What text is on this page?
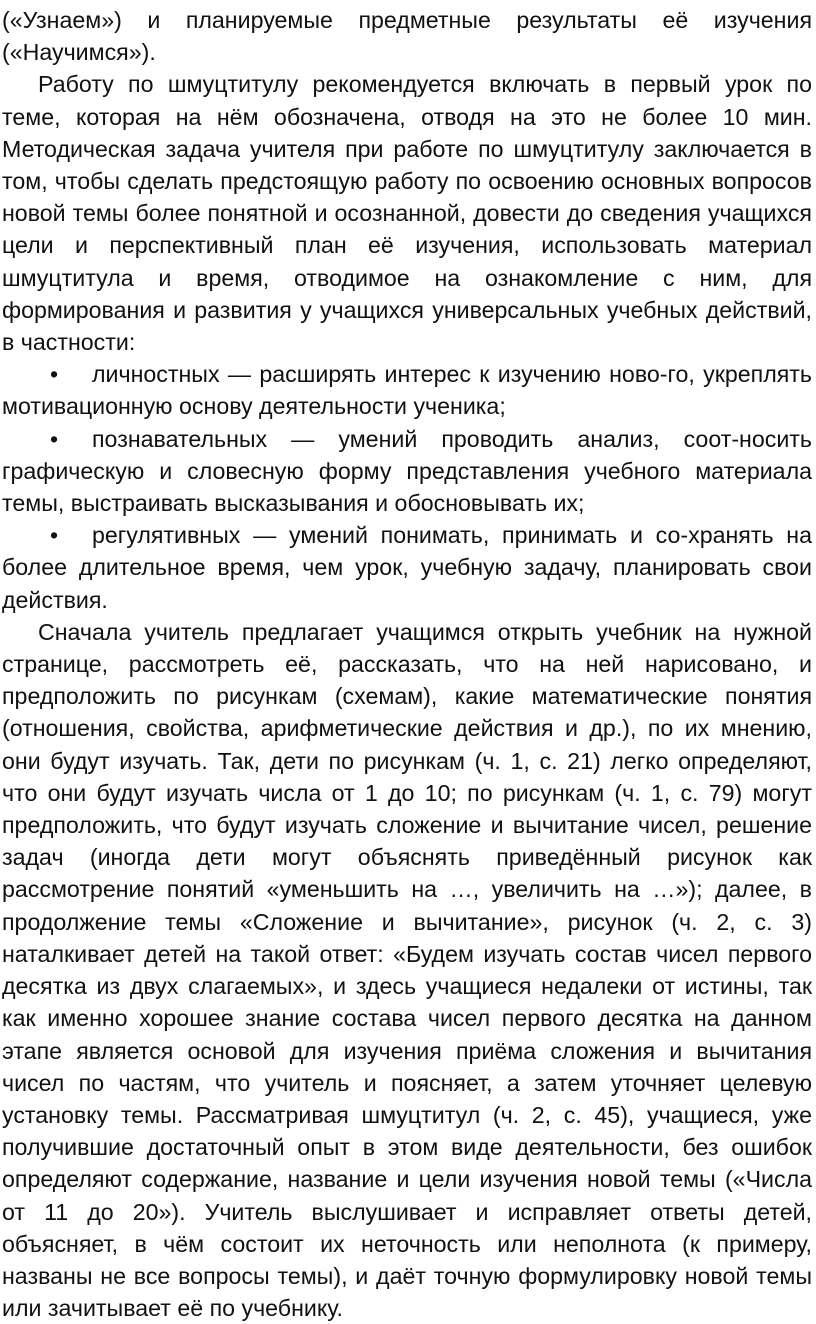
(«Узнаем») и планируемые предметные результаты её изучения («Научимся»).

Работу по шмуцтитулу рекомендуется включать в первый урок по теме, которая на нём обозначена, отводя на это не более 10 мин. Методическая задача учителя при работе по шмуцтитулу заключается в том, чтобы сделать предстоящую работу по освоению основных вопросов новой темы более понятной и осознанной, довести до сведения учащихся цели и перспективный план её изучения, использовать материал шмуцтитула и время, отводимое на ознакомление с ним, для формирования и развития у учащихся универсальных учебных действий, в частности:

• личностных — расширять интерес к изучению ново-го, укреплять мотивационную основу деятельности ученика;

• познавательных — умений проводить анализ, соот-носить графическую и словесную форму представления учебного материала темы, выстраивать высказывания и обосновывать их;

• регулятивных — умений понимать, принимать и со-хранять на более длительное время, чем урок, учебную задачу, планировать свои действия.

Сначала учитель предлагает учащимся открыть учебник на нужной странице, рассмотреть её, рассказать, что на ней нарисовано, и предположить по рисункам (схемам), какие математические понятия (отношения, свойства, арифметические действия и др.), по их мнению, они будут изучать. Так, дети по рисункам (ч. 1, с. 21) легко определяют, что они будут изучать числа от 1 до 10; по рисункам (ч. 1, с. 79) могут предположить, что будут изучать сложение и вычитание чисел, решение задач (иногда дети могут объяснять приведённый рисунок как рассмотрение понятий «уменьшить на …, увеличить на …»); далее, в продолжение темы «Сложение и вычитание», рисунок (ч. 2, с. 3) наталкивает детей на такой ответ: «Будем изучать состав чисел первого десятка из двух слагаемых», и здесь учащиеся недалеки от истины, так как именно хорошее знание состава чисел первого десятка на данном этапе является основой для изучения приёма сложения и вычитания чисел по частям, что учитель и поясняет, а затем уточняет целевую установку темы. Рассматривая шмуцтитул (ч. 2, с. 45), учащиеся, уже получившие достаточный опыт в этом виде деятельности, без ошибок определяют содержание, название и цели изучения новой темы («Числа от 11 до 20»). Учитель выслушивает и исправляет ответы детей, объясняет, в чём состоит их неточность или неполнота (к примеру, названы не все вопросы темы), и даёт точную формулировку новой темы или зачитывает её по учебнику.
